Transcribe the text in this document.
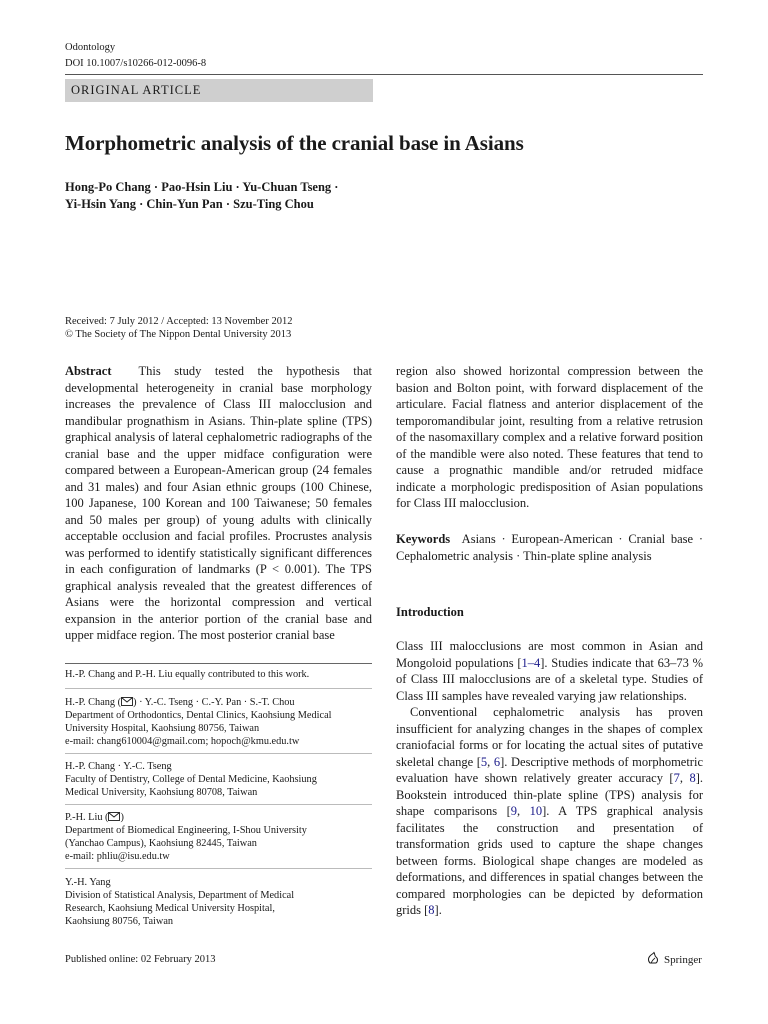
Odontology
DOI 10.1007/s10266-012-0096-8
ORIGINAL ARTICLE
Morphometric analysis of the cranial base in Asians
Hong-Po Chang · Pao-Hsin Liu · Yu-Chuan Tseng ·
Yi-Hsin Yang · Chin-Yun Pan · Szu-Ting Chou
Received: 7 July 2012 / Accepted: 13 November 2012
© The Society of The Nippon Dental University 2013

Abstract This study tested the hypothesis that developmental heterogeneity in cranial base morphology increases the prevalence of Class III malocclusion and mandibular prognathism in Asians. Thin-plate spline (TPS) graphical analysis of lateral cephalometric radiographs of the cranial base and the upper midface configuration were compared between a European-American group (24 females and 31 males) and four Asian ethnic groups (100 Chinese, 100 Japanese, 100 Korean and 100 Taiwanese; 50 females and 50 males per group) of young adults with clinically acceptable occlusion and facial profiles. Procrustes analysis was performed to identify statistically significant differences in each configuration of landmarks (P < 0.001). The TPS graphical analysis revealed that the greatest differences of Asians were the horizontal compression and vertical expansion in the anterior portion of the cranial base and upper midface region. The most posterior cranial base

region also showed horizontal compression between the basion and Bolton point, with forward displacement of the articulare. Facial flatness and anterior displacement of the temporomandibular joint, resulting from a relative retrusion of the nasomaxillary complex and a relative forward position of the mandible were also noted. These features that tend to cause a prognathic mandible and/or retruded midface indicate a morphologic predisposition of Asian populations for Class III malocclusion.

Keywords Asians · European-American · Cranial base · Cephalometric analysis · Thin-plate spline analysis

Introduction

Class III malocclusions are most common in Asian and Mongoloid populations [1–4]. Studies indicate that 63–73 % of Class III malocclusions are of a skeletal type. Studies of Class III samples have revealed varying jaw relationships.

Conventional cephalometric analysis has proven insufficient for analyzing changes in the shapes of complex craniofacial forms or for locating the actual sites of putative skeletal change [5, 6]. Descriptive methods of morphometric evaluation have shown relatively greater accuracy [7, 8]. Bookstein introduced thin-plate spline (TPS) analysis for shape comparisons [9, 10]. A TPS graphical analysis facilitates the construction and presentation of transformation grids used to capture the shape changes between forms. Biological shape changes are modeled as deformations, and differences in spatial changes between the compared morphologies can be depicted by deformation grids [8].

H.-P. Chang and P.-H. Liu equally contributed to this work.
H.-P. Chang ( ) · Y.-C. Tseng · C.-Y. Pan · S.-T. Chou
Department of Orthodontics, Dental Clinics, Kaohsiung Medical
University Hospital, Kaohsiung 80756, Taiwan
e-mail: chang610004@gmail.com; hopoch@kmu.edu.tw
H.-P. Chang · Y.-C. Tseng
Faculty of Dentistry, College of Dental Medicine, Kaohsiung
Medical University, Kaohsiung 80708, Taiwan
P.-H. Liu ( )
Department of Biomedical Engineering, I-Shou University
(Yanchao Campus), Kaohsiung 82445, Taiwan
e-mail: phliu@isu.edu.tw
Y.-H. Yang
Division of Statistical Analysis, Department of Medical
Research, Kaohsiung Medical University Hospital,
Kaohsiung 80756, Taiwan
Published online: 02 February 2013	Springer
